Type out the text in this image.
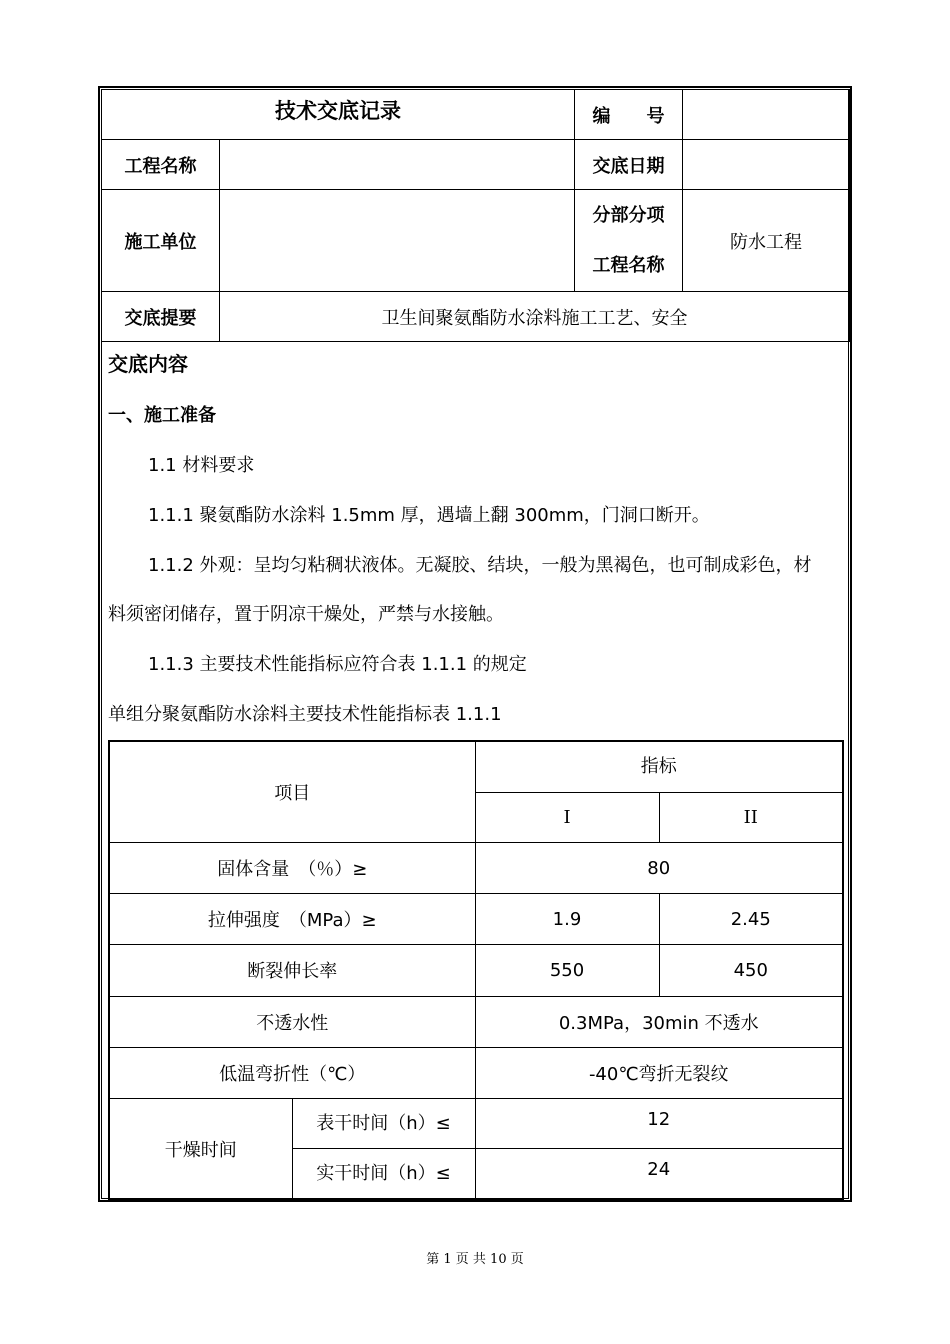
技术交底记录		编　　号	
工程名称		交底日期	
施工单位		分部分项
工程名称	防水工程
交底提要	卫生间聚氨酯防水涂料施工工艺、安全		
交底内容
一、施工准备
1.1 材料要求
1.1.1 聚氨酯防水涂料 1.5mm 厚，遇墙上翻 300mm，门洞口断开。
1.1.2 外观：呈均匀粘稠状液体。无凝胶、结块，一般为黑褐色，也可制成彩色，材
料须密闭储存，置于阴凉干燥处，严禁与水接触。
1.1.3 主要技术性能指标应符合表 1.1.1 的规定
单组分聚氨酯防水涂料主要技术性能指标表 1.1.1
项目		指标	
		I	II
固体含量　（％）≥		80	
拉伸强度　（MPa）≥		1.9	2.45
断裂伸长率		550	450
不透水性		0.3MPa，30min 不透水	
低温弯折性（℃）		-40℃弯折无裂纹	
干燥时间	表干时间（h）≤	12	
	实干时间（h）≤	24	
第 1 页 共 10 页
